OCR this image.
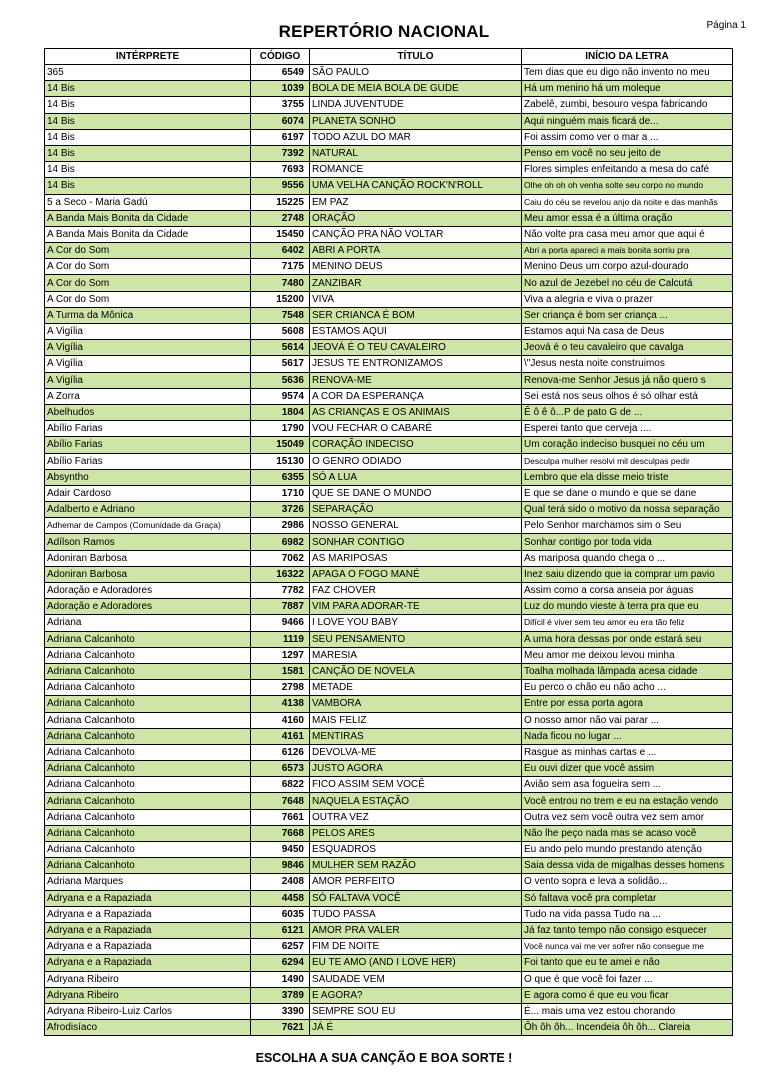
REPERTÓRIO NACIONAL	Página 1
INTÉRPRETE	CÓDIGO	TÍTULO	INÍCIO DA LETRA
365	6549	SÃO PAULO	Tem dias que eu digo não invento no meu
14 Bis	1039	BOLA DE MEIA BOLA DE GUDE	Há um menino há um moleque
14 Bis	3755	LINDA JUVENTUDE	Zabelê, zumbi, besouro vespa fabricando
14 Bis	6074	PLANETA SONHO	Aqui ninguém mais ficará de...
14 Bis	6197	TODO AZUL DO MAR	Foi assim como ver o mar a ...
14 Bis	7392	NATURAL	Penso em você no seu jeito de
14 Bis	7693	ROMANCE	Flores simples enfeitando a mesa do café
14 Bis	9556	UMA VELHA CANÇÃO ROCK'N'ROLL	Olhe oh oh oh venha solte seu corpo no mundo
5 a Seco - Maria Gadú	15225	EM PAZ	Caiu do céu se revelou anjo da noite e das manhãs
A Banda Mais Bonita da Cidade	2748	ORAÇÃO	Meu amor essa é a última oração
A Banda Mais Bonita da Cidade	15450	CANÇÃO PRA NÃO VOLTAR	Não volte pra casa meu amor que aqui é
A Cor do Som	6402	ABRI A PORTA	Abri a porta apareci a mais bonita sorriu pra
A Cor do Som	7175	MENINO DEUS	Menino Deus um corpo azul-dourado
A Cor do Som	7480	ZANZIBAR	No azul de Jezebel no céu de Calcutá
A Cor do Som	15200	VIVA	Viva a alegria e viva o prazer
A Turma da Mônica	7548	SER CRIANCA É BOM	Ser criança é bom ser criança ...
A Vigília	5608	ESTAMOS AQUI	Estamos aqui Na casa de Deus
A Vigília	5614	JEOVÁ É O TEU CAVALEIRO	Jeová é o teu cavaleiro que cavalga
A Vigília	5617	JESUS TE ENTRONIZAMOS	\"Jesus nesta noite construimos
A Vigília	5636	RENOVA-ME	Renova-me Senhor Jesus já não quero s
A Zorra	9574	A COR DA ESPERANÇA	Sei está nos seus olhos é só olhar está
Abelhudos	1804	AS CRIANÇAS E OS ANIMAIS	Ê ô ê ô...P de pato G de ...
Abílio Farias	1790	VOU FECHAR O CABARÉ	Esperei tanto que cerveja ....
Abílio Farias	15049	CORAÇÃO INDECISO	Um coração indeciso busquei no céu um
Abílio Farias	15130	O GENRO ODIADO	Desculpa mulher resolvi mil desculpas pedir
Absyntho	6355	SÓ A LUA	Lembro que ela disse meio triste
Adair Cardoso	1710	QUE SE DANE O MUNDO	E que se dane o mundo e que se dane
Adalberto e Adriano	3726	SEPARAÇÃO	Qual terá sido o motivo da nossa separação
Adhemar de Campos (Comunidade da Graça)	2986	NOSSO GENERAL	Pelo Senhor marchamos sim o Seu
Adílson Ramos	6982	SONHAR CONTIGO	Sonhar contigo por toda vida
Adoniran Barbosa	7062	AS MARIPOSAS	As mariposa quando chega o ...
Adoniran Barbosa	16322	APAGA O FOGO MANÉ	Inez saiu dizendo que ia comprar um pavio
Adoração e Adoradores	7782	FAZ CHOVER	Assim como a corsa anseia por águas
Adoração e Adoradores	7887	VIM PARA ADORAR-TE	Luz do mundo vieste à terra pra que eu
Adriana	9466	I LOVE YOU BABY	Difícil é viver sem teu amor eu era tão feliz
Adriana Calcanhoto	1119	SEU PENSAMENTO	A uma hora dessas por onde estará seu
Adriana Calcanhoto	1297	MARESIA	Meu amor me deixou levou minha
Adriana Calcanhoto	1581	CANÇÃO DE NOVELA	Toalha molhada lâmpada acesa cidade
Adriana Calcanhoto	2798	METADE	Eu perco o chão eu não acho ...
Adriana Calcanhoto	4138	VAMBORA	Entre por essa porta agora
Adriana Calcanhoto	4160	MAIS FELIZ	O nosso amor não vai parar ...
Adriana Calcanhoto	4161	MENTIRAS	Nada ficou no lugar ...
Adriana Calcanhoto	6126	DEVOLVA-ME	Rasgue as minhas cartas e ...
Adriana Calcanhoto	6573	JUSTO AGORA	Eu ouvi dizer que você assim
Adriana Calcanhoto	6822	FICO ASSIM SEM VOCÊ	Avião sem asa fogueira sem ...
Adriana Calcanhoto	7648	NAQUELA ESTAÇÃO	Você entrou no trem e eu na estação vendo
Adriana Calcanhoto	7661	OUTRA VEZ	Outra vez sem você outra vez sem amor
Adriana Calcanhoto	7668	PELOS ARES	Não lhe peço nada mas se acaso você
Adriana Calcanhoto	9450	ESQUADROS	Eu ando pelo mundo prestando atenção
Adriana Calcanhoto	9846	MULHER SEM RAZÃO	Saia dessa vida de migalhas desses homens
Adriana Marques	2408	AMOR PERFEITO	O vento sopra e leva a solidão...
Adryana e a Rapaziada	4458	SÓ FALTAVA VOCÊ	Só faltava você pra completar
Adryana e a Rapaziada	6035	TUDO PASSA	Tudo na vida passa Tudo na ...
Adryana e a Rapaziada	6121	AMOR PRA VALER	Já faz tanto tempo não consigo esquecer
Adryana e a Rapaziada	6257	FIM DE NOITE	Você nunca vai me ver sofrer não consegue me
Adryana e a Rapaziada	6294	EU TE AMO (AND I LOVE HER)	Foi tanto que eu te amei e não
Adryana Ribeiro	1490	SAUDADE VEM	O que é que você foi fazer ...
Adryana Ribeiro	3789	E AGORA?	E agora como é que eu vou ficar
Adryana Ribeiro-Luiz Carlos	3390	SEMPRE SOU EU	É... mais uma vez estou chorando
Afrodisíaco	7621	JÁ É	Ôh ôh ôh... Incendeia ôh ôh... Clareia
ESCOLHA A SUA CANÇÃO E BOA SORTE !
